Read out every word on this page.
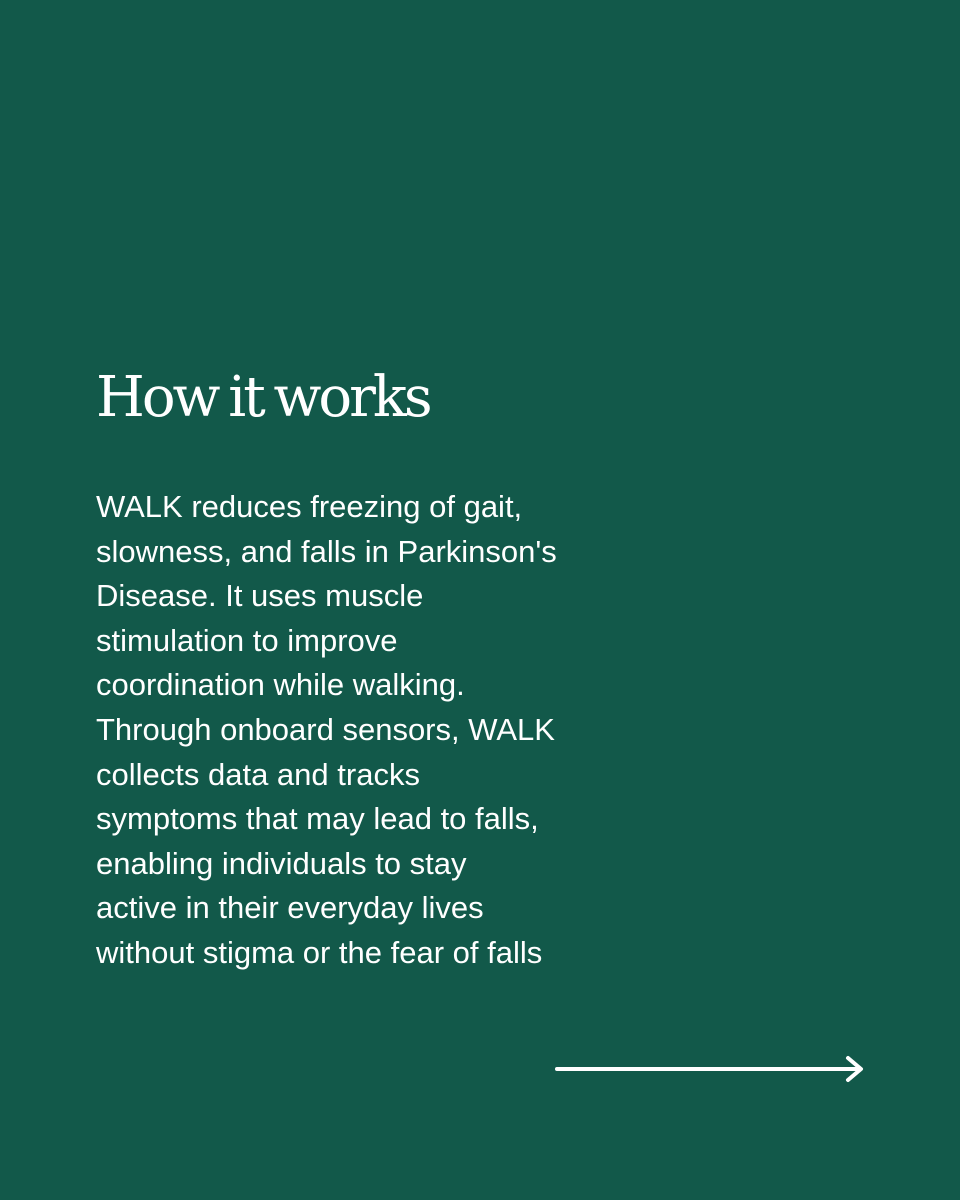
How it works

WALK reduces freezing of gait,
slowness, and falls in Parkinson's
Disease. It uses muscle
stimulation to improve
coordination while walking.
Through onboard sensors, WALK
collects data and tracks
symptoms that may lead to falls,
enabling individuals to stay
active in their everyday lives
without stigma or the fear of falls
